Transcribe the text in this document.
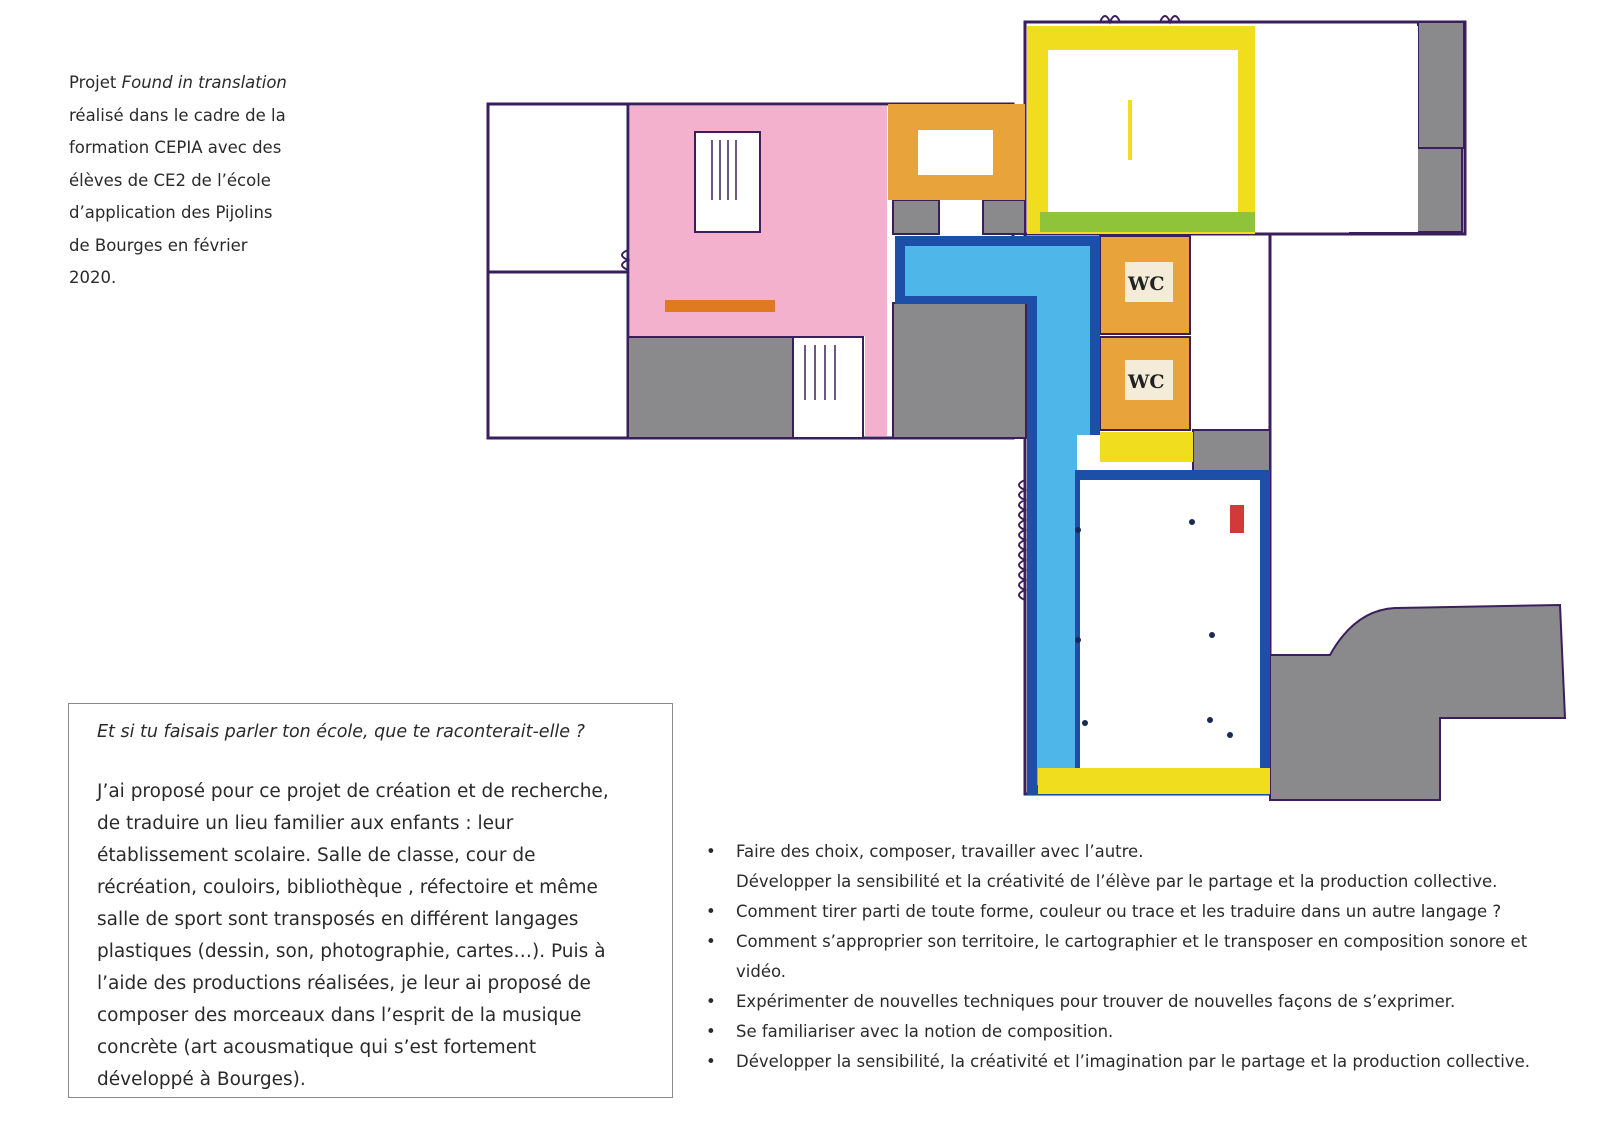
Projet Found in translation réalisé dans le cadre de la formation CEPIA avec des élèves de CE2 de l’école d’application des Pijolins de Bourges en février 2020.	WC
WC
Et si tu faisais parler ton école, que te raconterait-elle ?
J’ai proposé pour ce projet de création et de recherche, de traduire un lieu familier aux enfants : leur établissement scolaire. Salle de classe, cour de récréation, couloirs, bibliothèque , réfectoire et même salle de sport sont transposés en différent langages plastiques (dessin, son, photographie, cartes…). Puis à l’aide des productions réalisées, je leur ai proposé de composer des morceaux dans l’esprit de la musique concrète (art acousmatique qui s’est fortement développé à Bourges).
• Faire des choix, composer, travailler avec l’autre.
Développer la sensibilité et la créativité de l’élève par le partage et la production collective.
• Comment tirer parti de toute forme, couleur ou trace et les traduire dans un autre langage ?
• Comment s’approprier son territoire, le cartographier et le transposer en composition sonore et vidéo.
• Expérimenter de nouvelles techniques pour trouver de nouvelles façons de s’exprimer.
• Se familiariser avec la notion de composition.
• Développer la sensibilité, la créativité et l’imagination par le partage et la production collective.
